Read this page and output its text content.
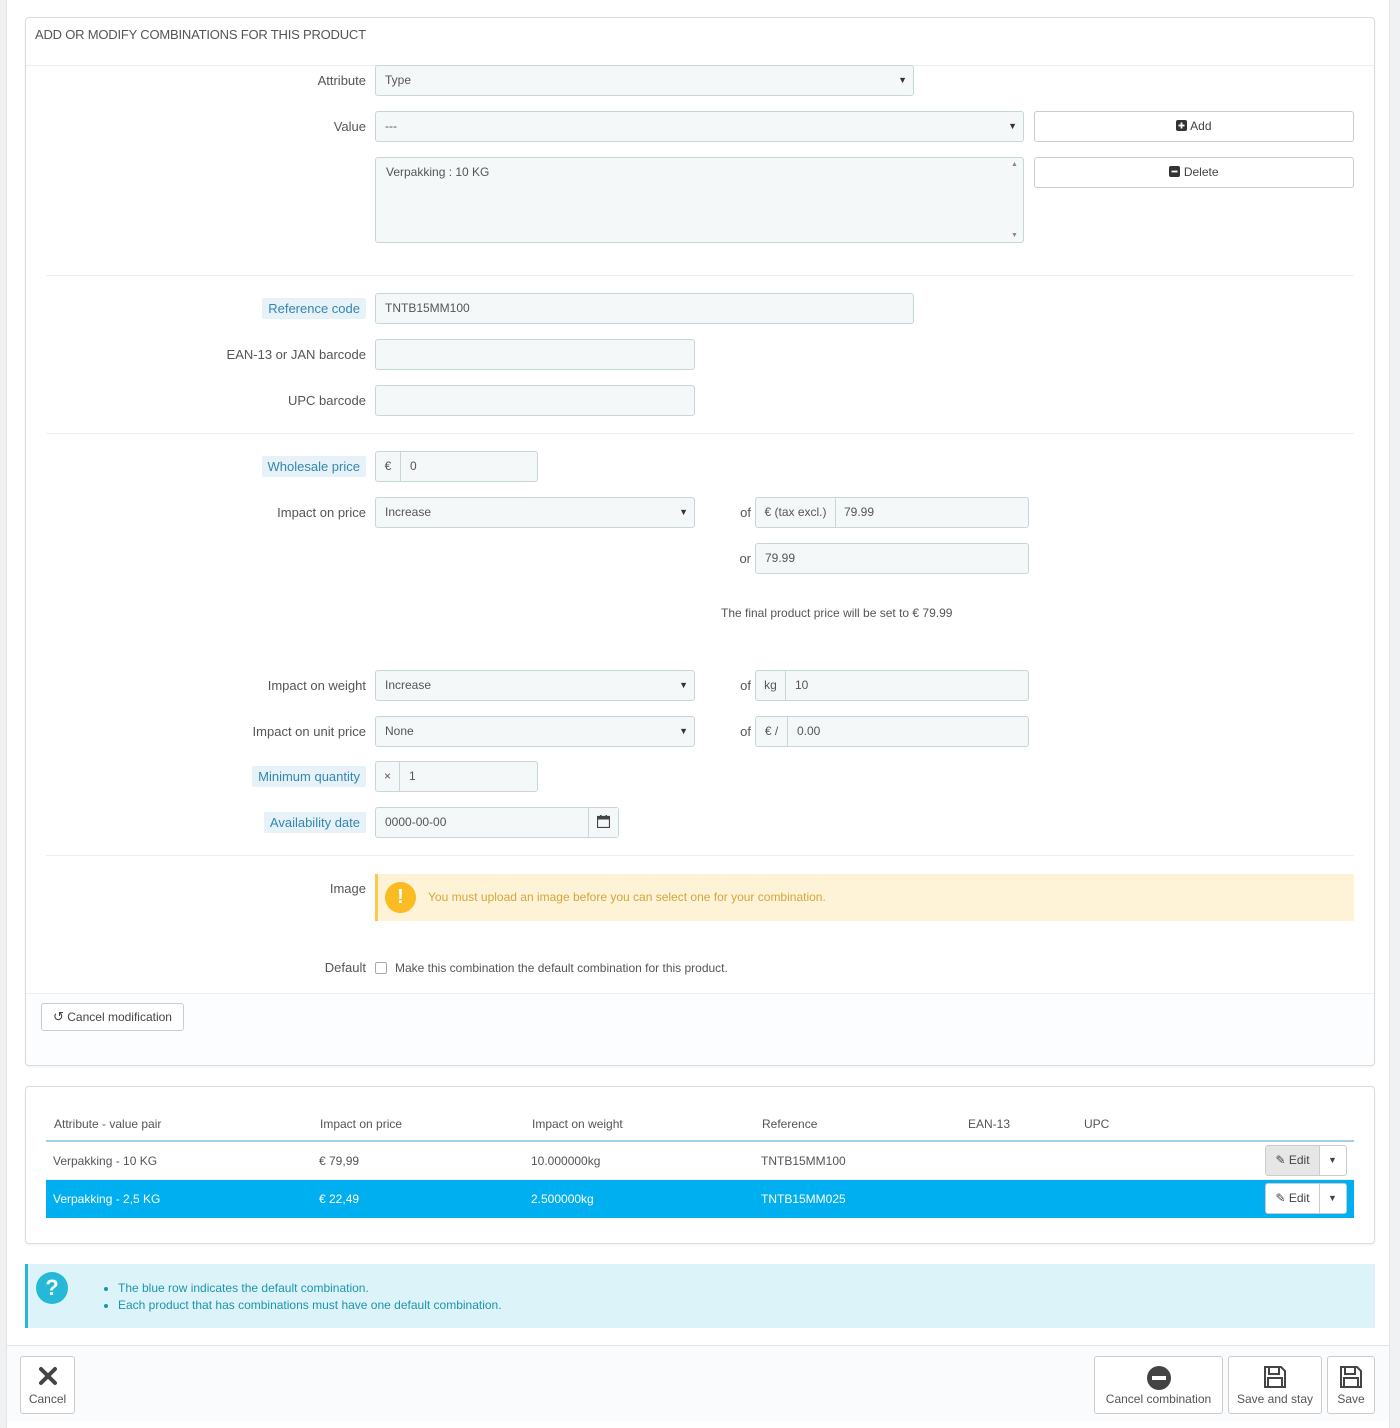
ADD OR MODIFY COMBINATIONS FOR THIS PRODUCT
Attribute	Type	▼
Value	---	▼	Add
Verpakking : 10 KG
▲
▼
Delete
Reference code	TNTB15MM100
EAN-13 or JAN barcode
UPC barcode
Wholesale price	€	0
Impact on price	Increase	▼	of	€ (tax excl.)	79.99
or	79.99
The final product price will be set to € 79.99
Impact on weight	Increase	▼	of	kg	10
Impact on unit price	None	▼	of	€ /	0.00
Minimum quantity	×	1
Availability date	0000-00-00
Image	!	You must upload an image before you can select one for your combination.
Default Make this combination the default combination for this product.
↺ Cancel modification
Attribute - value pair	Impact on price	Impact on weight	Reference	EAN-13	UPC
Verpakking - 10 KG	€ 79,99	10.000000kg	TNTB15MM100	✎ Edit	▼
Verpakking - 2,5 KG	€ 22,49	2.500000kg	TNTB15MM025	✎ Edit	▼
?
•	The blue row indicates the default combination.
• Each product that has combinations must have one default combination.
Cancel	Cancel combination	Save and stay	Save
